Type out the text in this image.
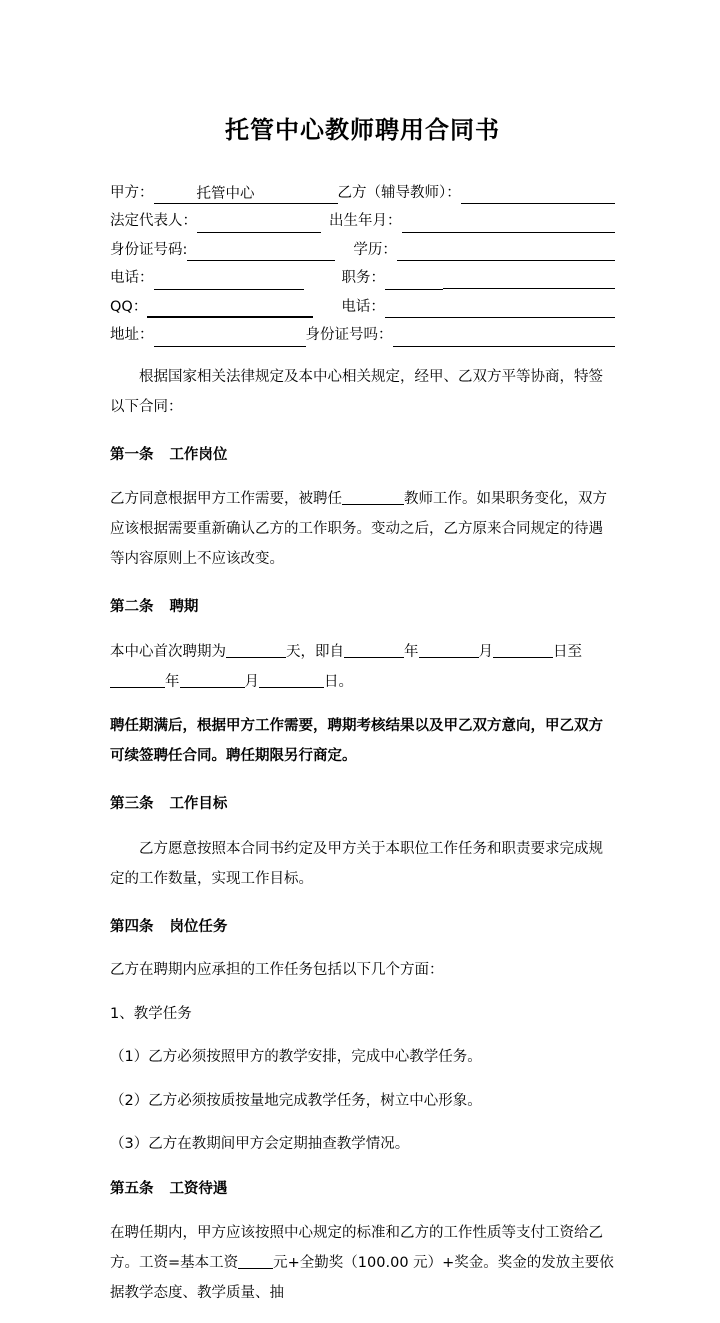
托管中心教师聘用合同书
甲方：	托管中心	乙方（辅导教师）：
法定代表人：	出生年月：
身份证号码:	学历：
电话：	职务：
QQ：	电话：
地址：	身份证号吗：

根据国家相关法律规定及本中心相关规定，经甲、乙双方平等协商，特签以下合同：

第一条 工作岗位

乙方同意根据甲方工作需要，被聘任	教师工作。如果职务变化，双方应该根据需要重新确认乙方的工作职务。变动之后，乙方原来合同规定的待遇等内容原则上不应该改变。

第二条 聘期

本中心首次聘期为	天，即自	年	月	日至年	月	日。

聘任期满后，根据甲方工作需要，聘期考核结果以及甲乙双方意向，甲乙双方可续签聘任合同。聘任期限另行商定。

第三条 工作目标

乙方愿意按照本合同书约定及甲方关于本职位工作任务和职责要求完成规定的工作数量，实现工作目标。

第四条 岗位任务

乙方在聘期内应承担的工作任务包括以下几个方面：

1、教学任务

（1）乙方必须按照甲方的教学安排，完成中心教学任务。

（2）乙方必须按质按量地完成教学任务，树立中心形象。

（3）乙方在教期间甲方会定期抽查教学情况。

第五条 工资待遇

在聘任期内，甲方应该按照中心规定的标准和乙方的工作性质等支付工资给乙方。工资=基本工资 元+全勤奖（100.00 元）+奖金。奖金的发放主要依据教学态度、教学质量、抽
